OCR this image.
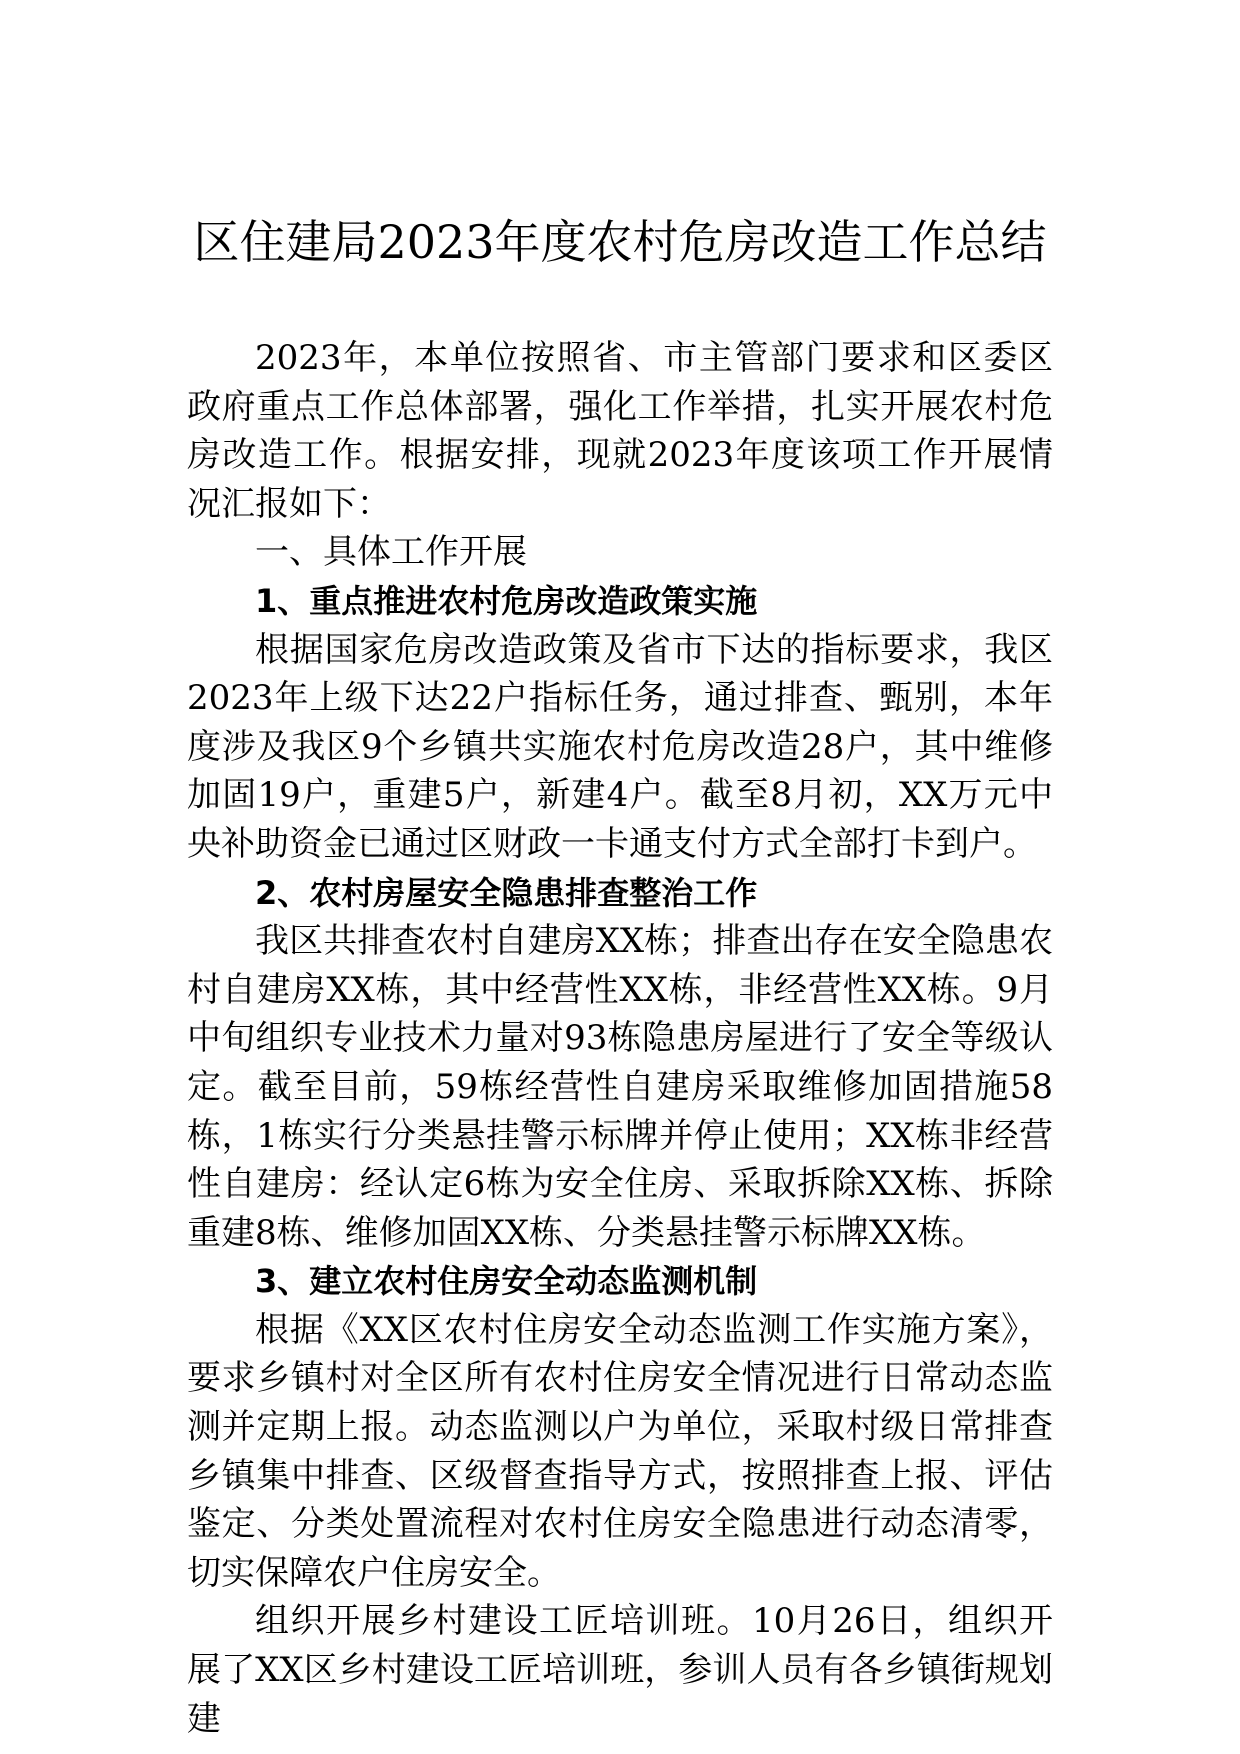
区住建局2023年度农村危房改造工作总结

2023年，本单位按照省、市主管部门要求和区委区政府重点工作总体部署，强化工作举措，扎实开展农村危房改造工作。根据安排，现就2023年度该项工作开展情况汇报如下：

一、具体工作开展

1、重点推进农村危房改造政策实施

根据国家危房改造政策及省市下达的指标要求，我区2023年上级下达22户指标任务，通过排查、甄别，本年度涉及我区9个乡镇共实施农村危房改造28户，其中维修加固19户，重建5户，新建4户。截至8月初，XX万元中央补助资金已通过区财政一卡通支付方式全部打卡到户。

2、农村房屋安全隐患排查整治工作

我区共排查农村自建房XX栋；排查出存在安全隐患农村自建房XX栋，其中经营性XX栋，非经营性XX栋。9月中旬组织专业技术力量对93栋隐患房屋进行了安全等级认定。截至目前，59栋经营性自建房采取维修加固措施58栋，1栋实行分类悬挂警示标牌并停止使用；XX栋非经营性自建房：经认定6栋为安全住房、采取拆除XX栋、拆除重建8栋、维修加固XX栋、分类悬挂警示标牌XX栋。

3、建立农村住房安全动态监测机制

根据《XX区农村住房安全动态监测工作实施方案》，要求乡镇村对全区所有农村住房安全情况进行日常动态监测并定期上报。动态监测以户为单位，采取村级日常排查乡镇集中排查、区级督查指导方式，按照排查上报、评估鉴定、分类处置流程对农村住房安全隐患进行动态清零，切实保障农户住房安全。

组织开展乡村建设工匠培训班。10月26日，组织开展了XX区乡村建设工匠培训班，参训人员有各乡镇街规划建
